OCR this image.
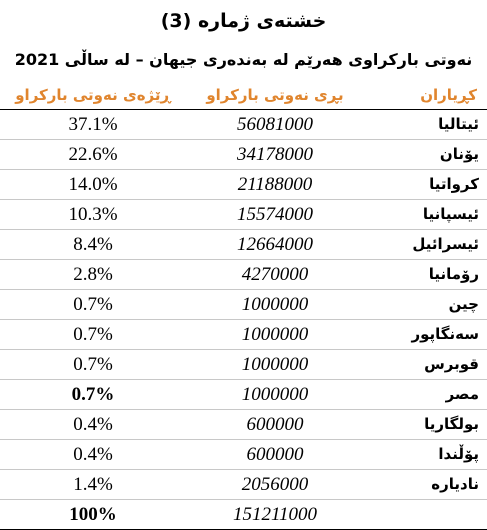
خشتەی ژمارە (3)
نەوتی بارکراوی هەرێم لە بەندەری جیهان – لە ساڵی 2021
ڕێژەی نەوتی بارکراو	بڕی نەوتی بارکراو	کڕیاران
37.1%	56081000	ئیتاليا
22.6%	34178000	يۆنان
14.0%	21188000	كرواتيا
10.3%	15574000	ئيسپانيا
8.4%	12664000	ئيسرائيل
2.8%	4270000	رۆمانيا
0.7%	1000000	چين
0.7%	1000000	سەنگاپور
0.7%	1000000	قوبرس
0.7%	1000000	مصر
0.4%	600000	بولگاريا
0.4%	600000	پۆڵندا
1.4%	2056000	ناديارە
100%	151211000	
